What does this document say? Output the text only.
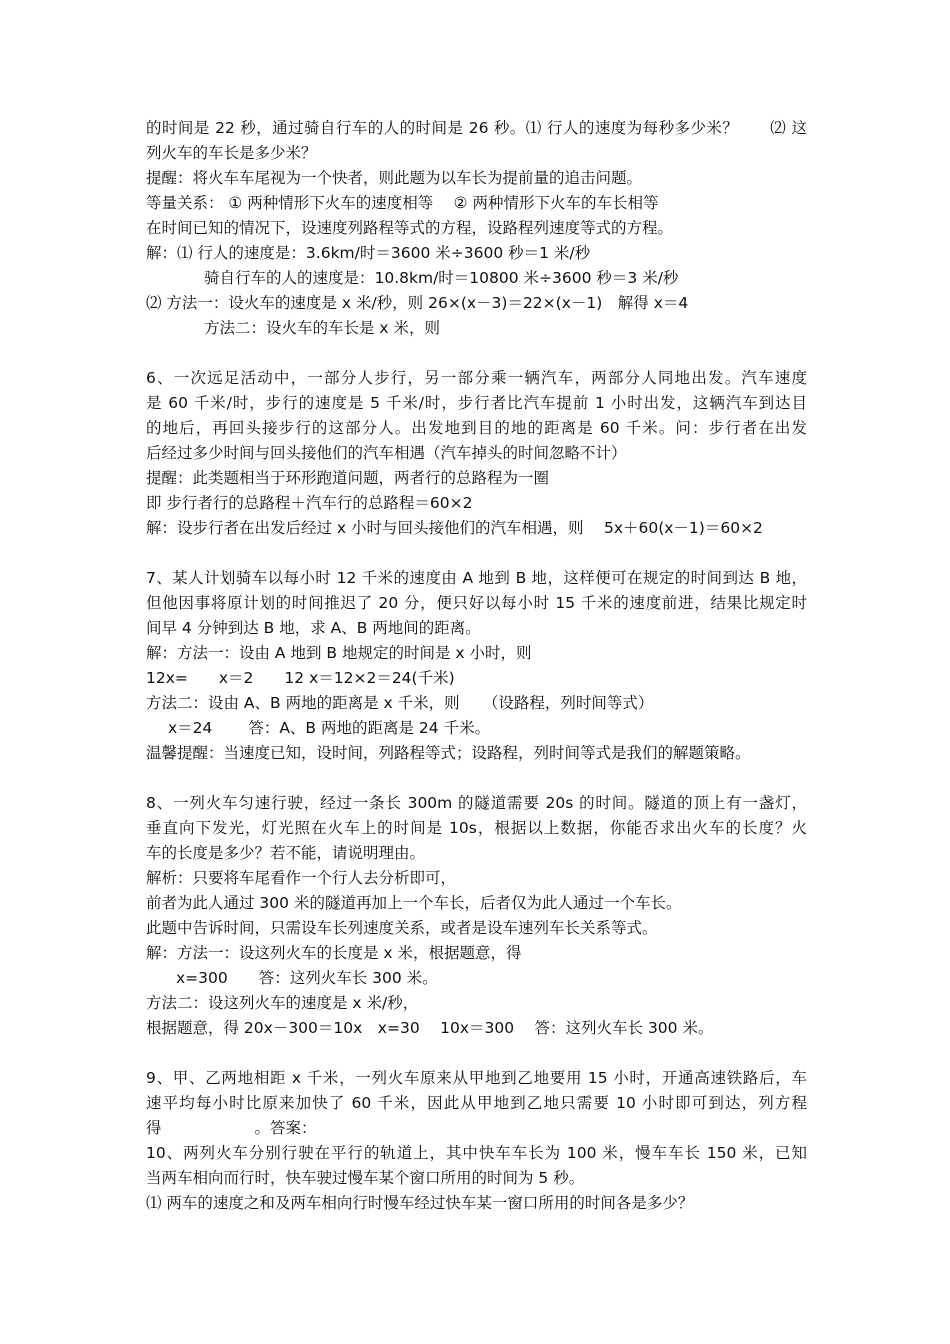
的时间是 22 秒，通过骑自行车的人的时间是 26 秒。⑴ 行人的速度为每秒多少米？　　⑵ 这
列火车的车长是多少米？
提醒：将火车车尾视为一个快者，则此题为以车长为提前量的追击问题。
等量关系： ① 两种情形下火车的速度相等　 ② 两种情形下火车的车长相等
在时间已知的情况下，设速度列路程等式的方程，设路程列速度等式的方程。
解：⑴ 行人的速度是：3.6km/时＝3600 米÷3600 秒＝1 米/秒
骑自行车的人的速度是：10.8km/时＝10800 米÷3600 秒＝3 米/秒
⑵ 方法一：设火车的速度是 x 米/秒，则 26×(x－3)＝22×(x－1)　解得 x＝4
方法二：设火车的车长是 x 米，则
6、一次远足活动中，一部分人步行，另一部分乘一辆汽车，两部分人同地出发。汽车速度
是 60 千米/时，步行的速度是 5 千米/时，步行者比汽车提前 1 小时出发，这辆汽车到达目
的地后，再回头接步行的这部分人。出发地到目的地的距离是 60 千米。问：步行者在出发
后经过多少时间与回头接他们的汽车相遇（汽车掉头的时间忽略不计）
提醒：此类题相当于环形跑道问题，两者行的总路程为一圈
即 步行者行的总路程＋汽车行的总路程＝60×2
解：设步行者在出发后经过 x 小时与回头接他们的汽车相遇，则　 5x＋60(x－1)＝60×2
7、某人计划骑车以每小时 12 千米的速度由 A 地到 B 地，这样便可在规定的时间到达 B 地，
但他因事将原计划的时间推迟了 20 分，便只好以每小时 15 千米的速度前进，结果比规定时
间早 4 分钟到达 B 地，求 A、B 两地间的距离。
解：方法一：设由 A 地到 B 地规定的时间是 x 小时，则
12x=　　x＝2　　12 x＝12×2＝24(千米)
方法二：设由 A、B 两地的距离是 x 千米，则　　（设路程，列时间等式）
x＝24　　 答：A、B 两地的距离是 24 千米。
温馨提醒：当速度已知，设时间，列路程等式；设路程，列时间等式是我们的解题策略。
8、一列火车匀速行驶，经过一条长 300m 的隧道需要 20s 的时间。隧道的顶上有一盏灯，
垂直向下发光，灯光照在火车上的时间是 10s，根据以上数据，你能否求出火车的长度？火
车的长度是多少？若不能，请说明理由。
解析：只要将车尾看作一个行人去分析即可，
前者为此人通过 300 米的隧道再加上一个车长，后者仅为此人通过一个车长。
此题中告诉时间，只需设车长列速度关系，或者是设车速列车长关系等式。
解：方法一：设这列火车的长度是 x 米，根据题意，得
x=300　　答：这列火车长 300 米。
方法二：设这列火车的速度是 x 米/秒，
根据题意，得 20x－300＝10x　x=30　 10x＝300　 答：这列火车长 300 米。
9、甲、乙两地相距 x 千米，一列火车原来从甲地到乙地要用 15 小时，开通高速铁路后，车
速平均每小时比原来加快了 60 千米，因此从甲地到乙地只需要 10 小时即可到达，列方程
得　　　　　　。答案：
10、两列火车分别行驶在平行的轨道上，其中快车车长为 100 米，慢车车长 150 米，已知
当两车相向而行时，快车驶过慢车某个窗口所用的时间为 5 秒。
⑴ 两车的速度之和及两车相向行时慢车经过快车某一窗口所用的时间各是多少？
